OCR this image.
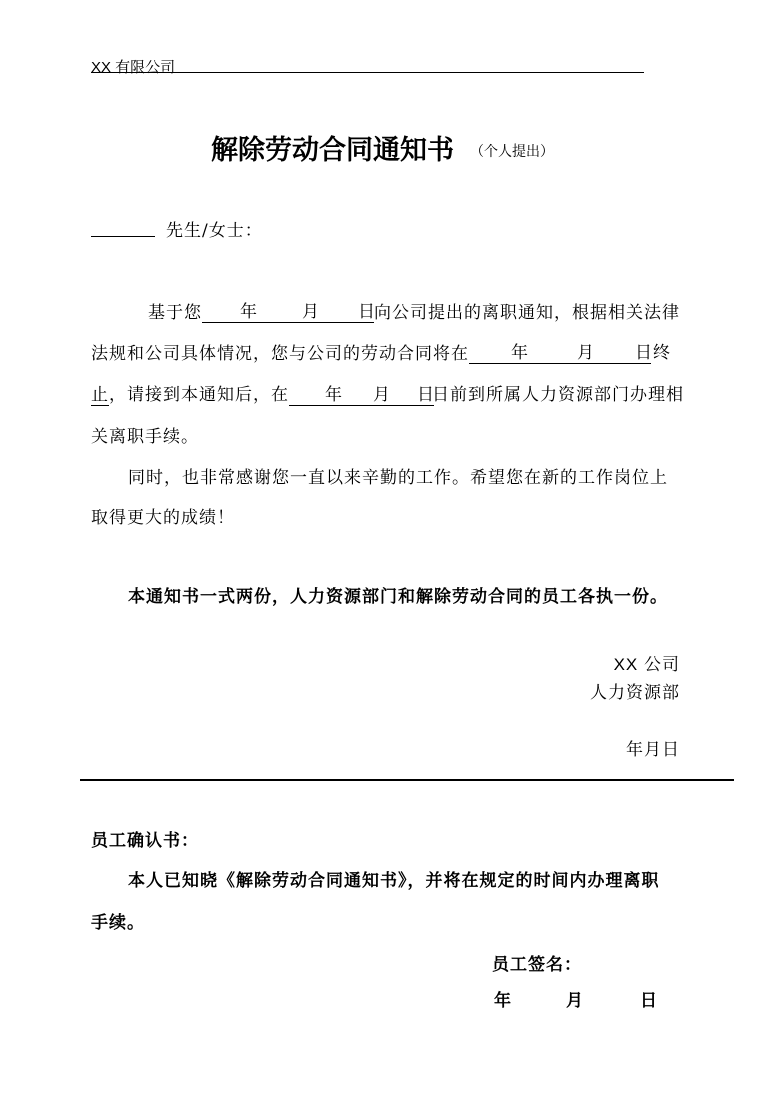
XX 有限公司
解除劳动合同通知书 （个人提出）
先生/女士：
基于您 年	月 日
向公司提出的离职通知，根据相关法律
法规和公司具体情况，您与公司的劳动合同将在 年	月 日终
止，请接到本通知后，在 年 月 日
日前到所属人力资源部门办理相
关离职手续。
同时，也非常感谢您一直以来辛勤的工作。希望您在新的工作岗位上
取得更大的成绩！
本通知书一式两份，人力资源部门和解除劳动合同的员工各执一份。
XX 公司
人力资源部
年月日
员工确认书：
本人已知晓《解除劳动合同通知书》，并将在规定的时间内办理离职
手续。
员工签名：
年	月	日
